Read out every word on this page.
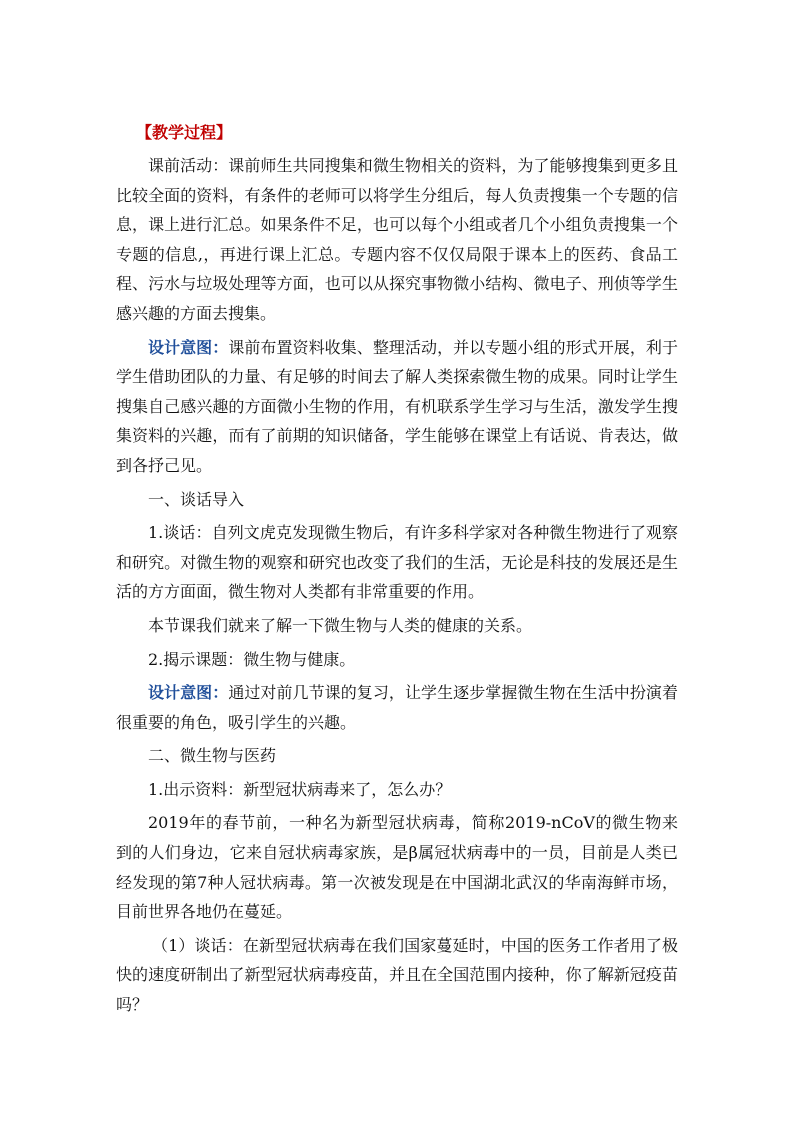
【教学过程】

课前活动：课前师生共同搜集和微生物相关的资料，为了能够搜集到更多且比较全面的资料，有条件的老师可以将学生分组后，每人负责搜集一个专题的信息，课上进行汇总。如果条件不足，也可以每个小组或者几个小组负责搜集一个专题的信息,，再进行课上汇总。专题内容不仅仅局限于课本上的医药、食品工程、污水与垃圾处理等方面，也可以从探究事物微小结构、微电子、刑侦等学生感兴趣的方面去搜集。

设计意图：课前布置资料收集、整理活动，并以专题小组的形式开展，利于学生借助团队的力量、有足够的时间去了解人类探索微生物的成果。同时让学生搜集自己感兴趣的方面微小生物的作用，有机联系学生学习与生活，激发学生搜集资料的兴趣，而有了前期的知识储备，学生能够在课堂上有话说、肯表达，做到各抒己见。

一、谈话导入

1.谈话：自列文虎克发现微生物后，有许多科学家对各种微生物进行了观察和研究。对微生物的观察和研究也改变了我们的生活，无论是科技的发展还是生活的方方面面，微生物对人类都有非常重要的作用。

本节课我们就来了解一下微生物与人类的健康的关系。

2.揭示课题：微生物与健康。

设计意图：通过对前几节课的复习，让学生逐步掌握微生物在生活中扮演着很重要的角色，吸引学生的兴趣。

二、微生物与医药

1.出示资料：新型冠状病毒来了，怎么办？

2019年的春节前，一种名为新型冠状病毒，简称2019-nCoV的微生物来到的人们身边，它来自冠状病毒家族，是β属冠状病毒中的一员，目前是人类已经发现的第7种人冠状病毒。第一次被发现是在中国湖北武汉的华南海鲜市场，目前世界各地仍在蔓延。

（1）谈话：在新型冠状病毒在我们国家蔓延时，中国的医务工作者用了极快的速度研制出了新型冠状病毒疫苗，并且在全国范围内接种，你了解新冠疫苗吗？
